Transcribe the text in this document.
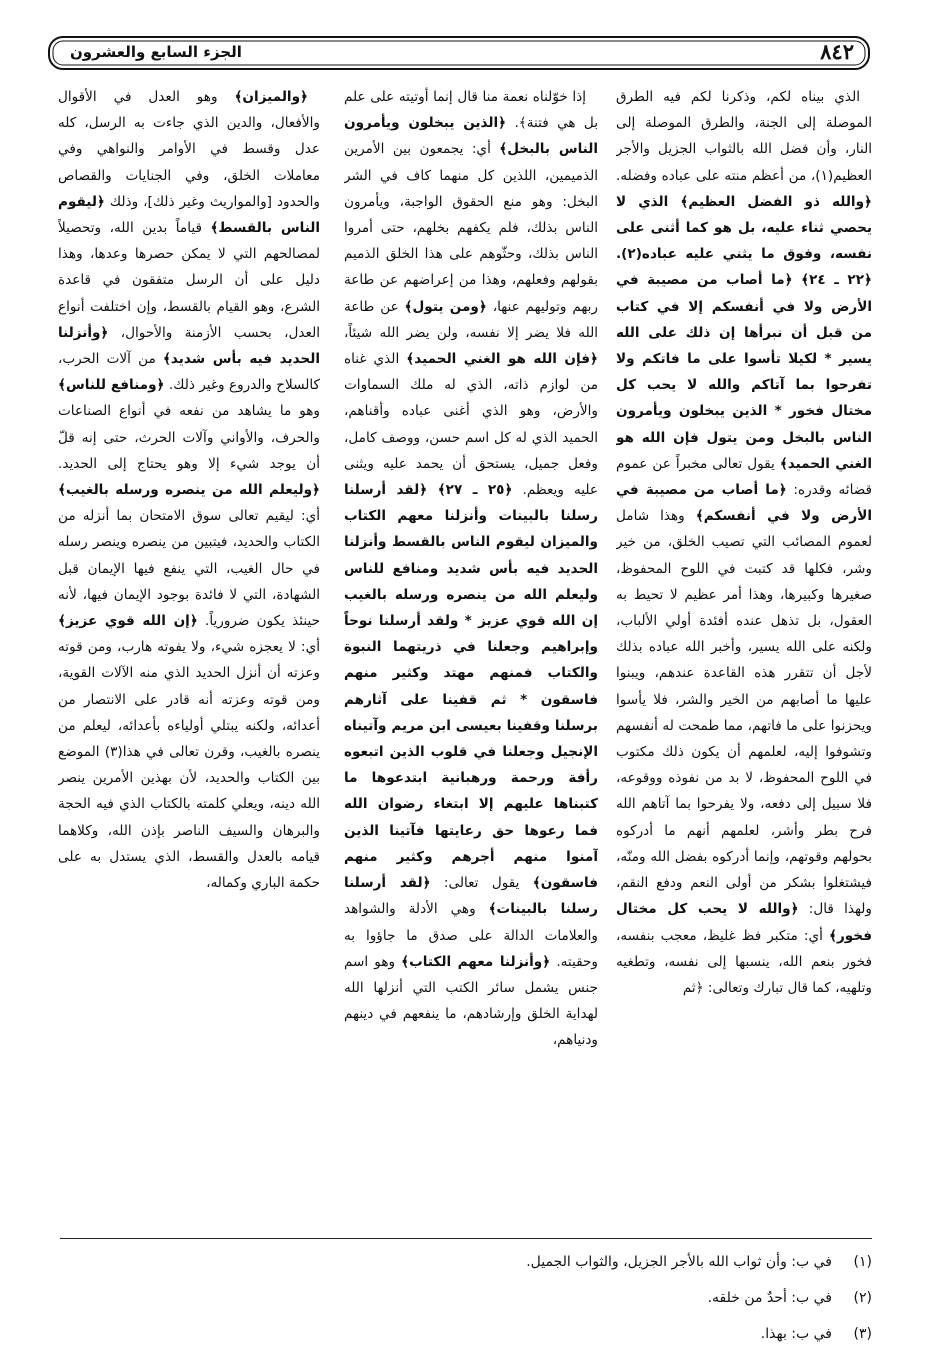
٨٤٢
الجزء السابع والعشرون

الذي بيناه لكم، وذكرنا لكم فيه الطرق الموصلة إلى الجنة، والطرق الموصلة إلى النار، وأن فضل الله بالثواب الجزيل والأجر العظيم(١)، من أعظم منته على عباده وفضله. ﴿والله ذو الفضل العظيم﴾ الذي لا يحصي ثناء عليه، بل هو كما أثنى على نفسه، وفوق ما يثني عليه عباده(٢). ﴿٢٢ ـ ٢٤﴾ ﴿ما أصاب من مصيبة في الأرض ولا في أنفسكم إلا في كتاب من قبل أن نبرأها إن ذلك على الله يسير * لكيلا تأسوا على ما فاتكم ولا تفرحوا بما آتاكم والله لا يحب كل مختال فخور * الذين يبخلون ويأمرون الناس بالبخل ومن يتول فإن الله هو الغني الحميد﴾ يقول تعالى مخبراً عن عموم قضائه وقدره: ﴿ما أصاب من مصيبة في الأرض ولا في أنفسكم﴾ وهذا شامل لعموم المصائب التي تصيب الخلق، من خير وشر، فكلها قد كتبت في اللوح المحفوظ، صغيرها وكبيرها، وهذا أمر عظيم لا تحيط به العقول، بل تذهل عنده أفئدة أولي الألباب، ولكنه على الله يسير، وأخبر الله عباده بذلك لأجل أن تتقرر هذه القاعدة عندهم، ويبنوا عليها ما أصابهم من الخير والشر، فلا يأسوا ويحزنوا على ما فاتهم، مما طمحت له أنفسهم وتشوفوا إليه، لعلمهم أن يكون ذلك مكتوب في اللوح المحفوظ، لا بد من نفوذه ووقوعه، فلا سبيل إلى دفعه، ولا يفرحوا بما آتاهم الله فرح بطر وأشر، لعلمهم أنهم ما أدركوه بحولهم وقوتهم، وإنما أدركوه بفضل الله ومنّه، فيشتغلوا بشكر من أولى النعم ودفع النقم، ولهذا قال: ﴿والله لا يحب كل مختال فخور﴾ أي: متكبر فظ غليظ، معجب بنفسه، فخور بنعم الله، ينسبها إلى نفسه، وتطغيه وتلهيه، كما قال تبارك وتعالى: ﴿ثم

إذا خوّلناه نعمة منا قال إنما أوتيته على علم بل هي فتنة﴾. ﴿الذين يبخلون ويأمرون الناس بالبخل﴾ أي: يجمعون بين الأمرين الذميمين، اللذين كل منهما كاف في الشر البخل: وهو منع الحقوق الواجبة، ويأمرون الناس بذلك، فلم يكفهم بخلهم، حتى أمروا الناس بذلك، وحثّوهم على هذا الخلق الذميم بقولهم وفعلهم، وهذا من إعراضهم عن طاعة ربهم وتوليهم عنها، ﴿ومن يتول﴾ عن طاعة الله فلا يضر إلا نفسه، ولن يضر الله شيئاً، ﴿فإن الله هو الغني الحميد﴾ الذي غناه من لوازم ذاته، الذي له ملك السماوات والأرض، وهو الذي أغنى عباده وأقناهم، الحميد الذي له كل اسم حسن، ووصف كامل، وفعل جميل، يستحق أن يحمد عليه ويثنى عليه ويعظم. ﴿٢٥ ـ ٢٧﴾ ﴿لقد أرسلنا رسلنا بالبينات وأنزلنا معهم الكتاب والميزان ليقوم الناس بالقسط وأنزلنا الحديد فيه بأس شديد ومنافع للناس وليعلم الله من ينصره ورسله بالغيب إن الله قوي عزيز * ولقد أرسلنا نوحاً وإبراهيم وجعلنا في ذريتهما النبوة والكتاب فمنهم مهتد وكثير منهم فاسقون * ثم قفينا على آثارهم برسلنا وقفينا بعيسى ابن مريم وآتيناه الإنجيل وجعلنا في قلوب الذين اتبعوه رأفة ورحمة ورهبانية ابتدعوها ما كتبناها عليهم إلا ابتغاء رضوان الله فما رعوها حق رعايتها فآتينا الذين آمنوا منهم أجرهم وكثير منهم فاسقون﴾ يقول تعالى: ﴿لقد أرسلنا رسلنا بالبينات﴾ وهي الأدلة والشواهد والعلامات الدالة على صدق ما جاؤوا به وحقيته. ﴿وأنزلنا معهم الكتاب﴾ وهو اسم جنس يشمل سائر الكتب التي أنزلها الله لهداية الخلق وإرشادهم، ما ينفعهم في دينهم ودنياهم،

﴿والميزان﴾ وهو العدل في الأقوال والأفعال، والدين الذي جاءت به الرسل، كله عدل وقسط في الأوامر والنواهي وفي معاملات الخلق، وفي الجنايات والقصاص والحدود [والمواريث وغير ذلك]، وذلك ﴿ليقوم الناس بالقسط﴾ قياماً بدين الله، وتحصيلاً لمصالحهم التي لا يمكن حصرها وعدها، وهذا دليل على أن الرسل متفقون في قاعدة الشرع، وهو القيام بالقسط، وإن اختلفت أنواع العدل، بحسب الأزمنة والأحوال، ﴿وأنزلنا الحديد فيه بأس شديد﴾ من آلات الحرب، كالسلاح والدروع وغير ذلك. ﴿ومنافع للناس﴾ وهو ما يشاهد من نفعه في أنواع الصناعات والحرف، والأواني وآلات الحرث، حتى إنه قلّ أن يوجد شيء إلا وهو يحتاج إلى الحديد. ﴿وليعلم الله من ينصره ورسله بالغيب﴾ أي: ليقيم تعالى سوق الامتحان بما أنزله من الكتاب والحديد، فيتبين من ينصره وينصر رسله في حال الغيب، التي ينفع فيها الإيمان قبل الشهادة، التي لا فائدة بوجود الإيمان فيها، لأنه حينئذ يكون ضرورياً. ﴿إن الله قوي عزيز﴾ أي: لا يعجزه شيء، ولا يفوته هارب، ومن قوته وعزته أن أنزل الحديد الذي منه الآلات القوية، ومن قوته وعزته أنه قادر على الانتصار من أعدائه، ولكنه يبتلي أولياءه بأعدائه، ليعلم من ينصره بالغيب، وقرن تعالى في هذا(٣) الموضع بين الكتاب والحديد، لأن بهذين الأمرين ينصر الله دينه، ويعلي كلمته بالكتاب الذي فيه الحجة والبرهان والسيف الناصر بإذن الله، وكلاهما قيامه بالعدل والقسط، الذي يستدل به على حكمة الباري وكماله،

(١)في ب: وأن ثواب الله بالأجر الجزيل، والثواب الجميل.
(٢)في ب: أحدٌ من خلقه.
(٣)في ب: بهذا.
